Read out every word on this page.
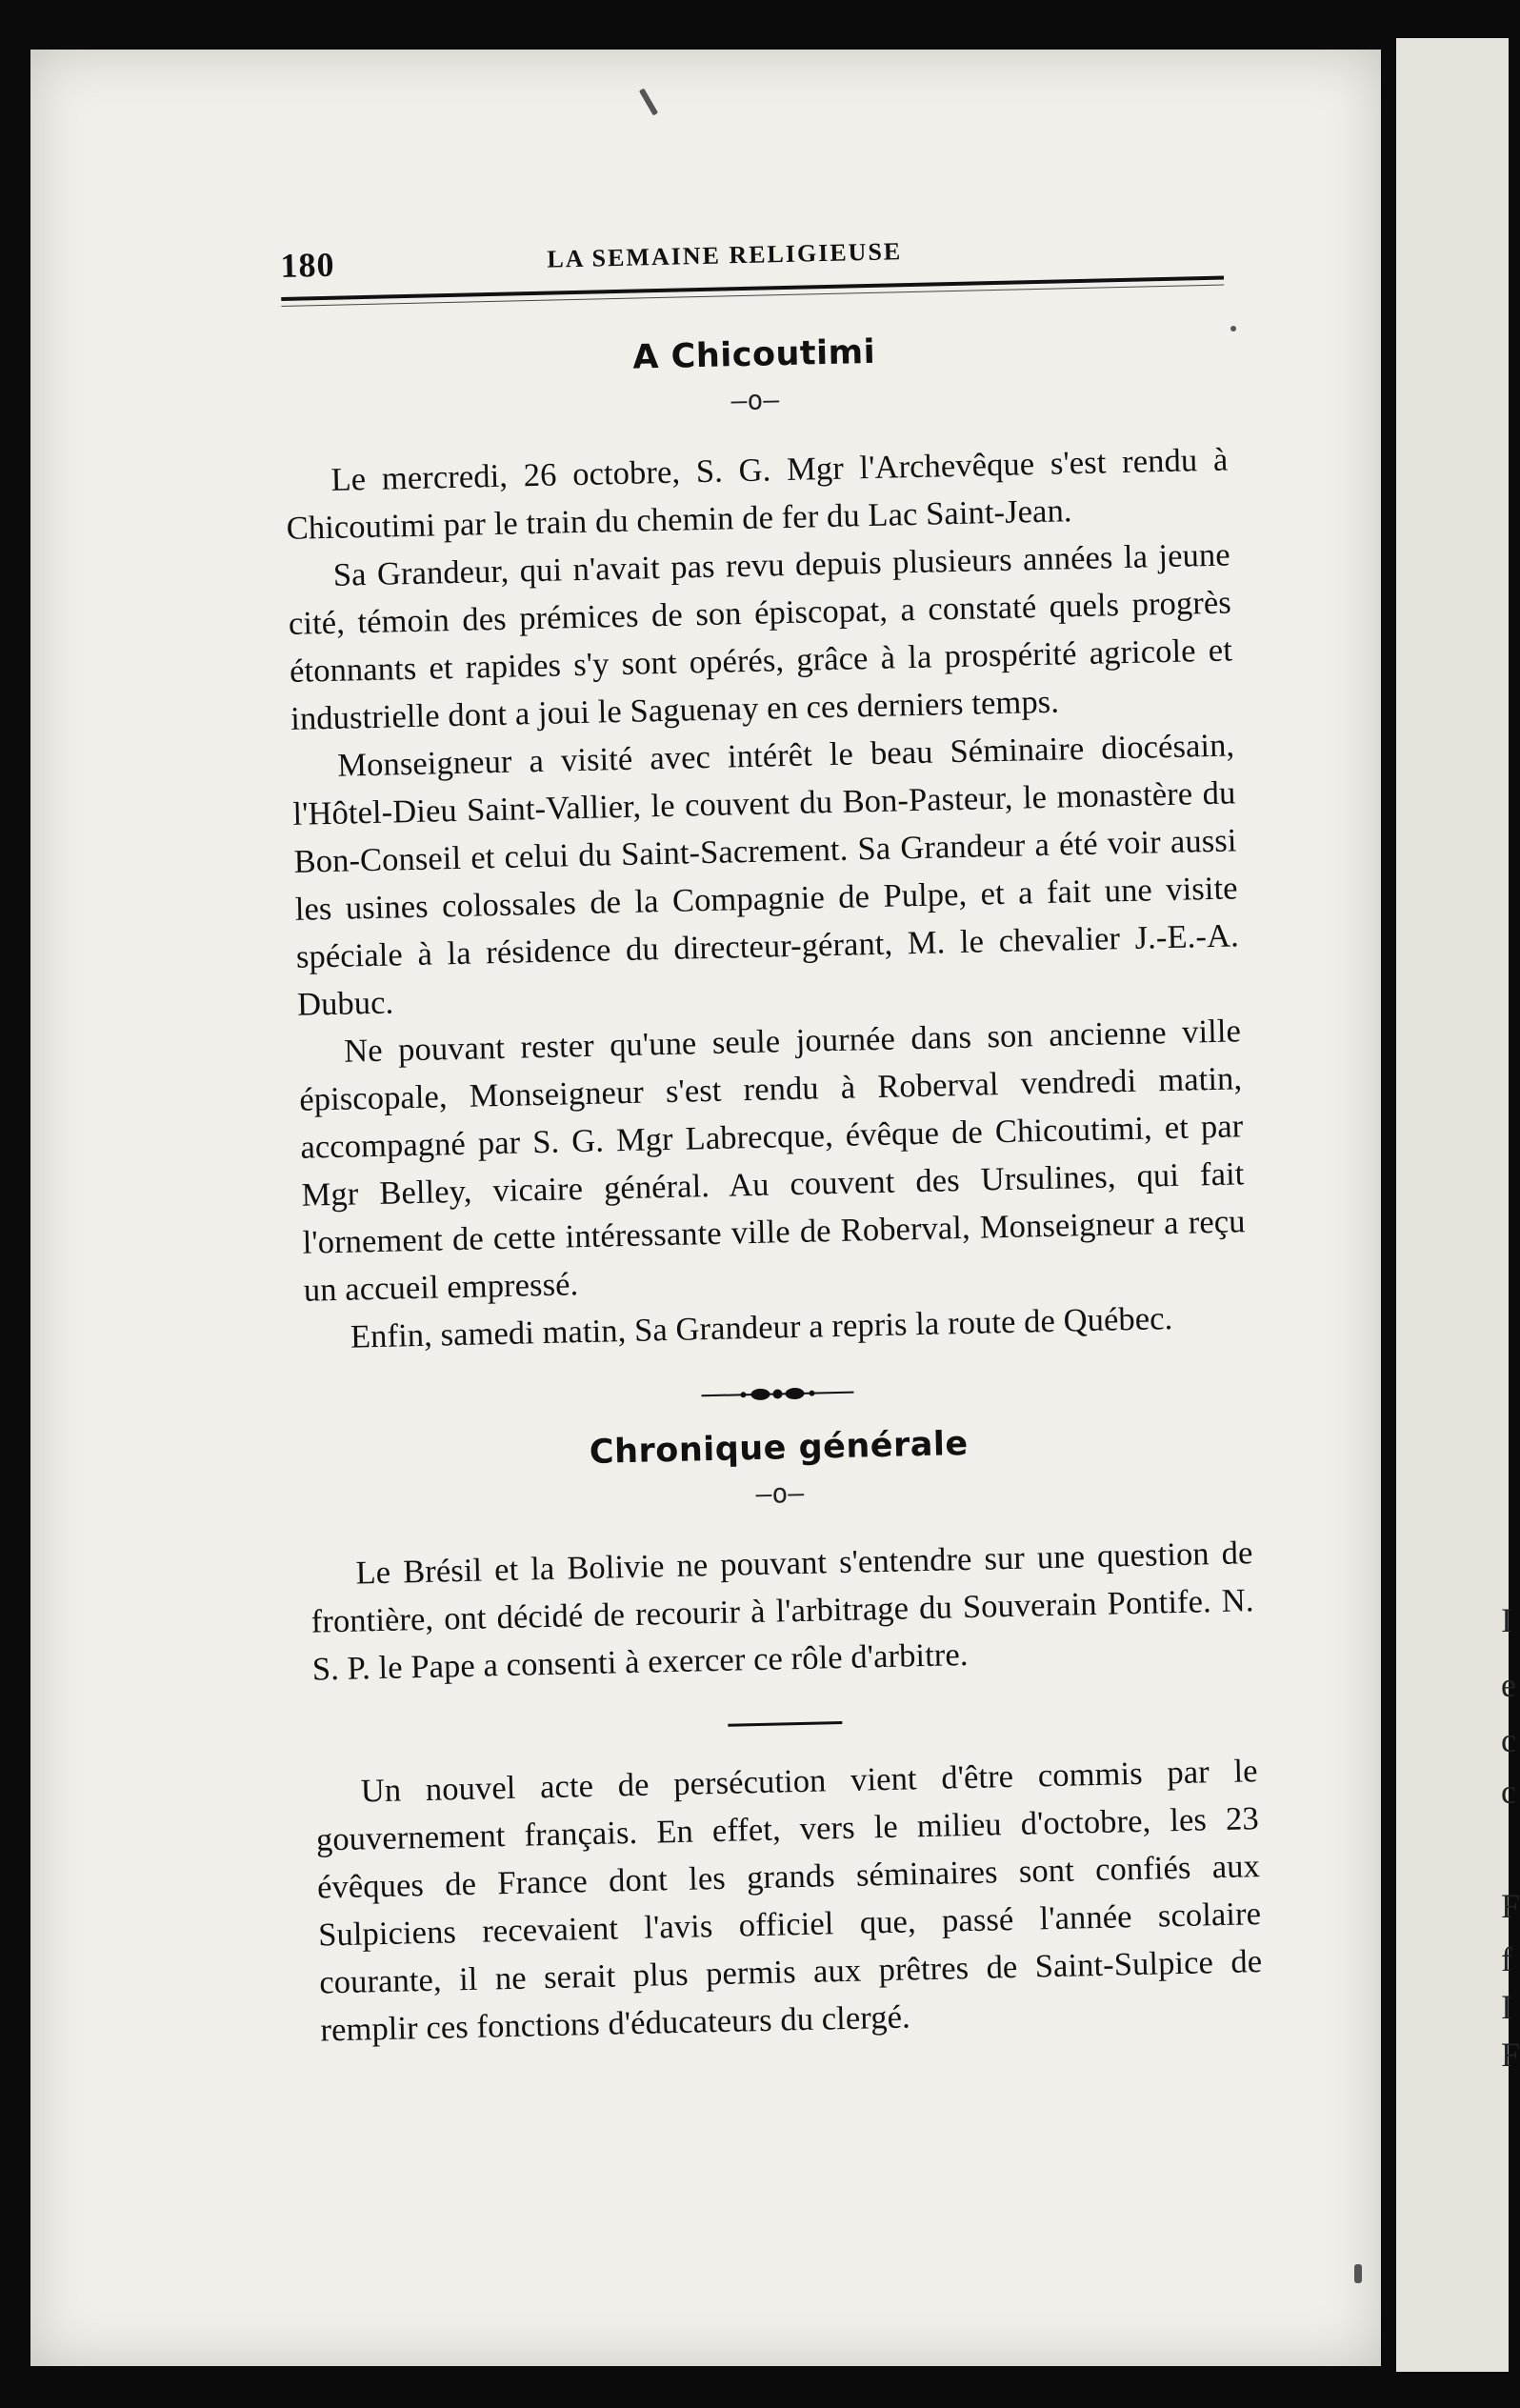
I
e
c
c
F
f
I
F
180	LA SEMAINE RELIGIEUSE
A Chicoutimi
—o—

Le mercredi, 26 octobre, S. G. Mgr l'Archevêque s'est rendu à Chicoutimi par le train du chemin de fer du Lac Saint-Jean.

Sa Grandeur, qui n'avait pas revu depuis plusieurs années la jeune cité, témoin des prémices de son épiscopat, a constaté quels progrès étonnants et rapides s'y sont opérés, grâce à la prospérité agricole et industrielle dont a joui le Saguenay en ces derniers temps.

Monseigneur a visité avec intérêt le beau Séminaire diocésain, l'Hôtel-Dieu Saint-Vallier, le couvent du Bon-Pasteur, le monastère du Bon-Conseil et celui du Saint-Sacrement. Sa Grandeur a été voir aussi les usines colossales de la Compagnie de Pulpe, et a fait une visite spéciale à la résidence du directeur-gérant, M. le chevalier J.-E.-A. Dubuc.

Ne pouvant rester qu'une seule journée dans son ancienne ville épiscopale, Monseigneur s'est rendu à Roberval vendredi matin, accompagné par S. G. Mgr Labrecque, évêque de Chicoutimi, et par Mgr Belley, vicaire général. Au couvent des Ursulines, qui fait l'ornement de cette intéressante ville de Roberval, Monseigneur a reçu un accueil empressé.

Enfin, samedi matin, Sa Grandeur a repris la route de Québec.

Chronique générale
—o—

Le Brésil et la Bolivie ne pouvant s'entendre sur une question de frontière, ont décidé de recourir à l'arbitrage du Souverain Pontife. N. S. P. le Pape a consenti à exercer ce rôle d'arbitre.

Un nouvel acte de persécution vient d'être commis par le gouvernement français. En effet, vers le milieu d'octobre, les 23 évêques de France dont les grands séminaires sont confiés aux Sulpiciens recevaient l'avis officiel que, passé l'année scolaire courante, il ne serait plus permis aux prêtres de Saint-Sulpice de remplir ces fonctions d'éducateurs du clergé.
